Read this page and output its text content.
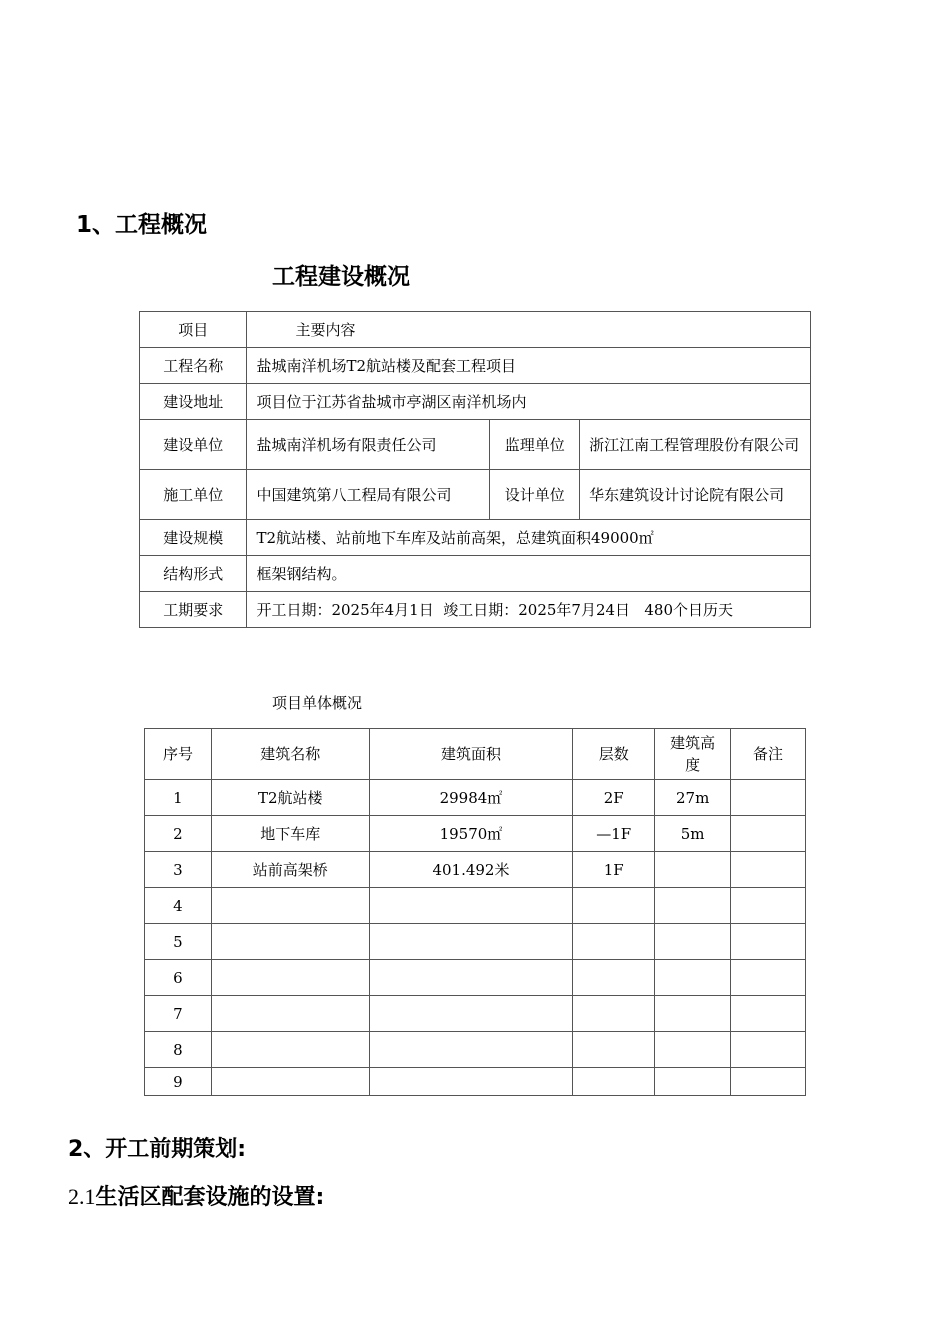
1、工程概况
工程建设概况
项目	主要内容		
工程名称	盐城南洋机场T2航站楼及配套工程项目		
建设地址	项目位于江苏省盐城市亭湖区南洋机场内		
建设单位	盐城南洋机场有限责任公司	监理单位	浙江江南工程管理股份有限公司
施工单位	中国建筑第八工程局有限公司	设计单位	华东建筑设计讨论院有限公司
建设规模	T2航站楼、站前地下车库及站前高架，总建筑面积49000㎡		
结构形式	框架钢结构。		
工期要求	开工日期：2025年4月1日  竣工日期：2025年7月24日   480个日历天		
项目单体概况
序号	建筑名称	建筑面积	层数	建筑高度	备注
1	T2航站楼	29984㎡	2F	27m	
2	地下车库	19570㎡	—1F	5m	
3	站前高架桥	401.492米	1F		
4					
5					
6					
7					
8					
9					
2、开工前期策划:
2.1生活区配套设施的设置:
